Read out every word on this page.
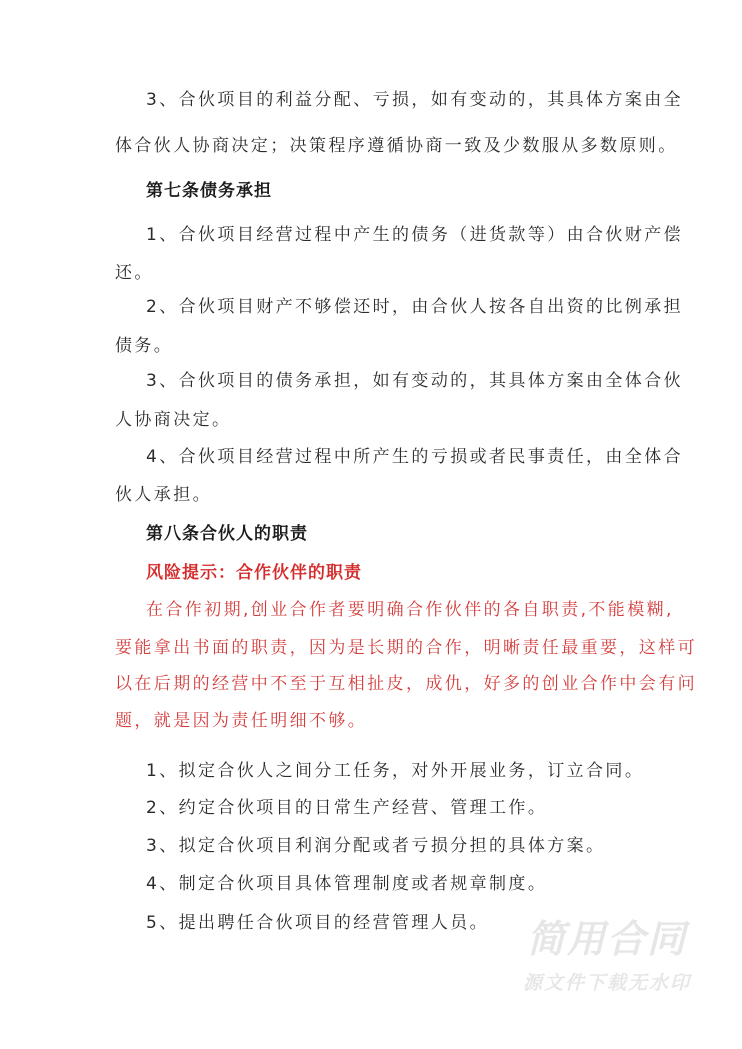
3、合伙项目的利益分配、亏损，如有变动的，其具体方案由全
体合伙人协商决定；决策程序遵循协商一致及少数服从多数原则。
第七条债务承担
1、合伙项目经营过程中产生的债务（进货款等）由合伙财产偿
还。
2、合伙项目财产不够偿还时，由合伙人按各自出资的比例承担
债务。
3、合伙项目的债务承担，如有变动的，其具体方案由全体合伙
人协商决定。
4、合伙项目经营过程中所产生的亏损或者民事责任，由全体合
伙人承担。
第八条合伙人的职责
风险提示：合作伙伴的职责
在合作初期,创业合作者要明确合作伙伴的各自职责,不能模糊,
要能拿出书面的职责，因为是长期的合作，明晰责任最重要，这样可
以在后期的经营中不至于互相扯皮，成仇，好多的创业合作中会有问
题，就是因为责任明细不够。
1、拟定合伙人之间分工任务，对外开展业务，订立合同。
2、约定合伙项目的日常生产经营、管理工作。
3、拟定合伙项目利润分配或者亏损分担的具体方案。
4、制定合伙项目具体管理制度或者规章制度。
5、提出聘任合伙项目的经营管理人员。 简用合同
源文件下载无水印
